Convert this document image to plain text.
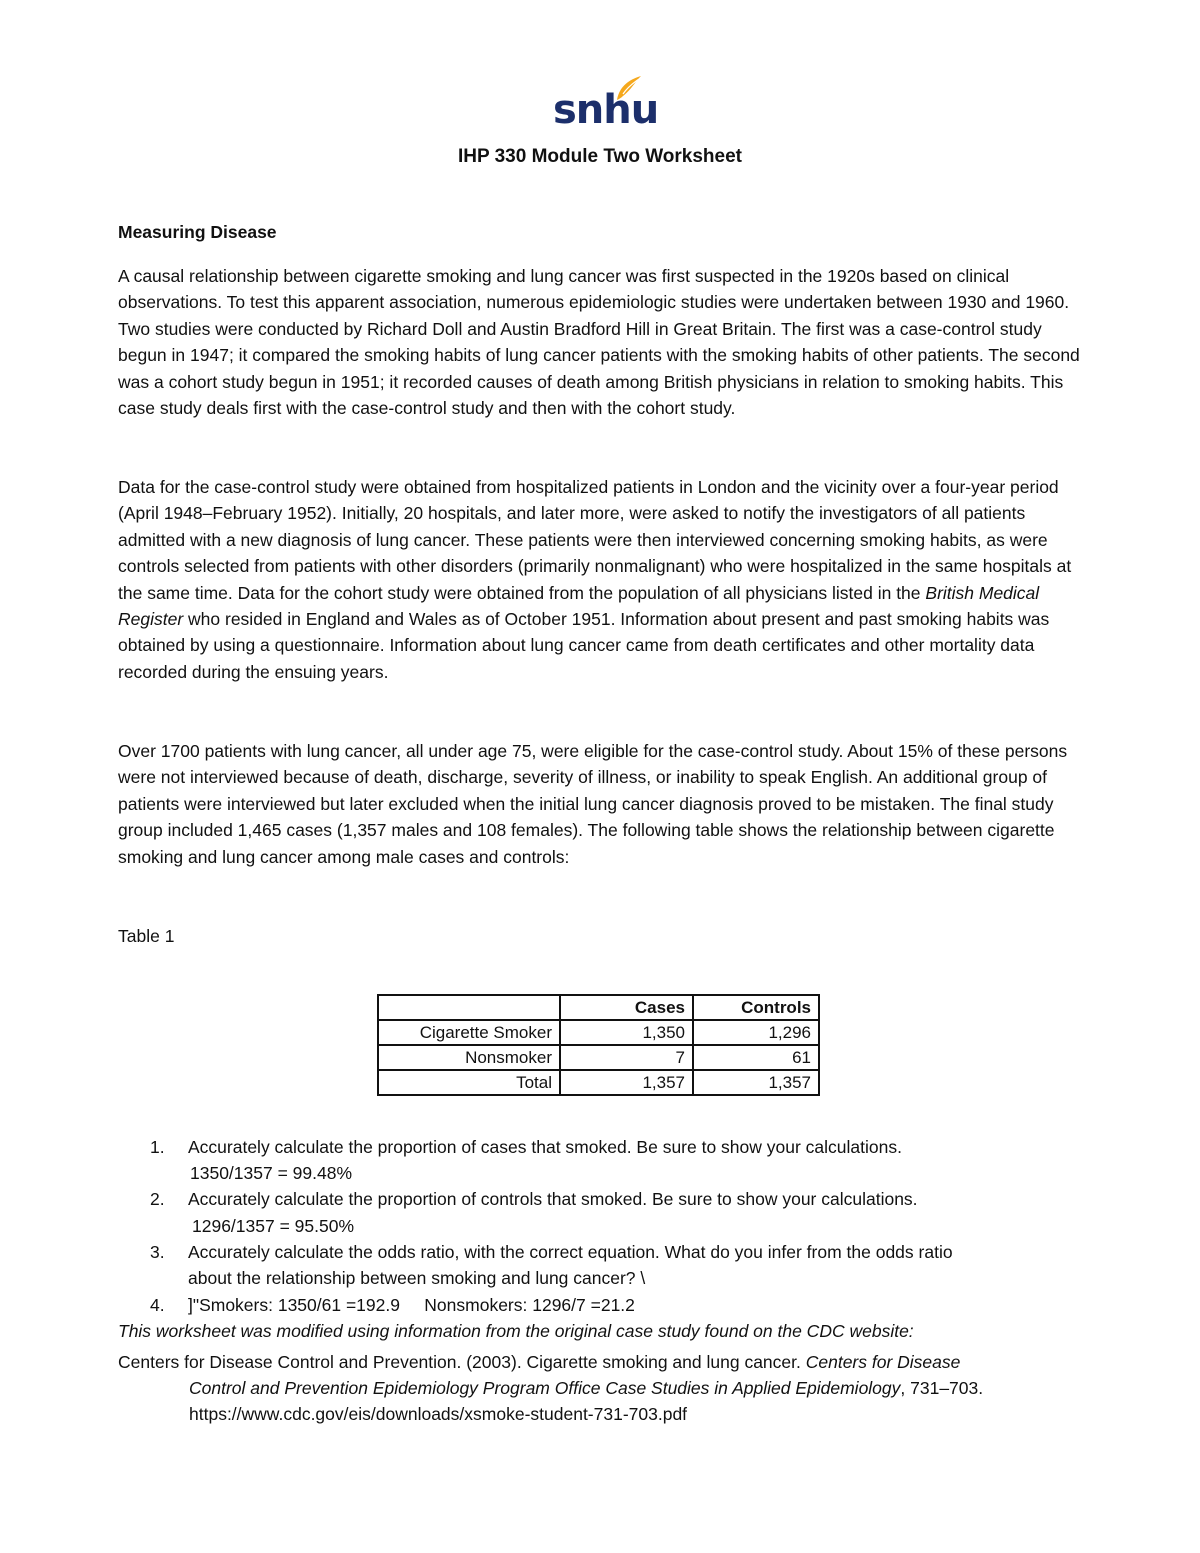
snhu
IHP 330 Module Two Worksheet
Measuring Disease

A causal relationship between cigarette smoking and lung cancer was first suspected in the 1920s based on clinical observations. To test this apparent association, numerous epidemiologic studies were undertaken between 1930 and 1960. Two studies were conducted by Richard Doll and Austin Bradford Hill in Great Britain. The first was a case-control study begun in 1947; it compared the smoking habits of lung cancer patients with the smoking habits of other patients. The second was a cohort study begun in 1951; it recorded causes of death among British physicians in relation to smoking habits. This case study deals first with the case-control study and then with the cohort study.

Data for the case-control study were obtained from hospitalized patients in London and the vicinity over a four-year period (April 1948–February 1952). Initially, 20 hospitals, and later more, were asked to notify the investigators of all patients admitted with a new diagnosis of lung cancer. These patients were then interviewed concerning smoking habits, as were controls selected from patients with other disorders (primarily nonmalignant) who were hospitalized in the same hospitals at the same time. Data for the cohort study were obtained from the population of all physicians listed in the British Medical Register who resided in England and Wales as of October 1951. Information about present and past smoking habits was obtained by using a questionnaire. Information about lung cancer came from death certificates and other mortality data recorded during the ensuing years.

Over 1700 patients with lung cancer, all under age 75, were eligible for the case-control study. About 15% of these persons were not interviewed because of death, discharge, severity of illness, or inability to speak English. An additional group of patients were interviewed but later excluded when the initial lung cancer diagnosis proved to be mistaken. The final study group included 1,465 cases (1,357 males and 108 females). The following table shows the relationship between cigarette smoking and lung cancer among male cases and controls:

Table 1
	Cases	Controls
Cigarette Smoker	1,350	1,296
Nonsmoker	7	61
Total	1,357	1,357
1.	Accurately calculate the proportion of cases that smoked. Be sure to show your calculations.
1350/1357 = 99.48%
2.	Accurately calculate the proportion of controls that smoked. Be sure to show your calculations.
1296/1357 = 95.50%
3.	Accurately calculate the odds ratio, with the correct equation. What do you infer from the odds ratio
about the relationship between smoking and lung cancer? \
4.	]"Smokers: 1350/61 =192.9     Nonsmokers: 1296/7 =21.2
This worksheet was modified using information from the original case study found on the CDC website:
Centers for Disease Control and Prevention. (2003). Cigarette smoking and lung cancer. Centers for Disease
Control and Prevention Epidemiology Program Office Case Studies in Applied Epidemiology, 731–703.
https://www.cdc.gov/eis/downloads/xsmoke-student-731-703.pdf
